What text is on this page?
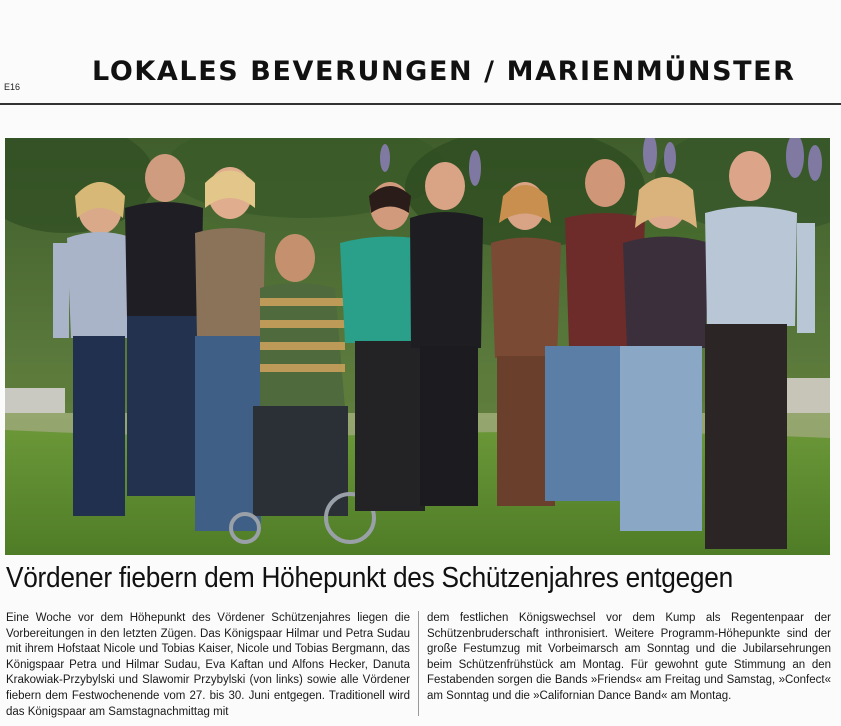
LOKALES BEVERUNGEN / MARIENMÜNSTER
E16
Vördener fiebern dem Höhepunkt des Schützenjahres entgegen
Eine Woche vor dem Höhepunkt des Vördener Schützenjahres liegen die Vorbereitungen in den letzten Zügen. Das Königspaar Hilmar und Petra Sudau mit ihrem Hofstaat Nicole und Tobias Kaiser, Nicole und Tobias Bergmann, das Königspaar Petra und Hilmar Sudau, Eva Kaftan und Alfons Hecker, Danuta Krakowiak-Przybylski und Slawomir Przybylski (von links) sowie alle Vördener fiebern dem Festwochenende vom 27. bis 30. Juni entgegen. Traditionell wird das Königspaar am Samstagnachmittag mit
dem festlichen Königswechsel vor dem Kump als Regentenpaar der Schützenbruderschaft inthronisiert. Weitere Programm-Höhepunkte sind der große Festumzug mit Vorbeimarsch am Sonntag und die Jubilarsehrungen beim Schützenfrühstück am Montag. Für gewohnt gute Stimmung an den Festabenden sorgen die Bands »Friends« am Freitag und Samstag, »Confect« am Sonntag und die »Californian Dance Band« am Montag.
